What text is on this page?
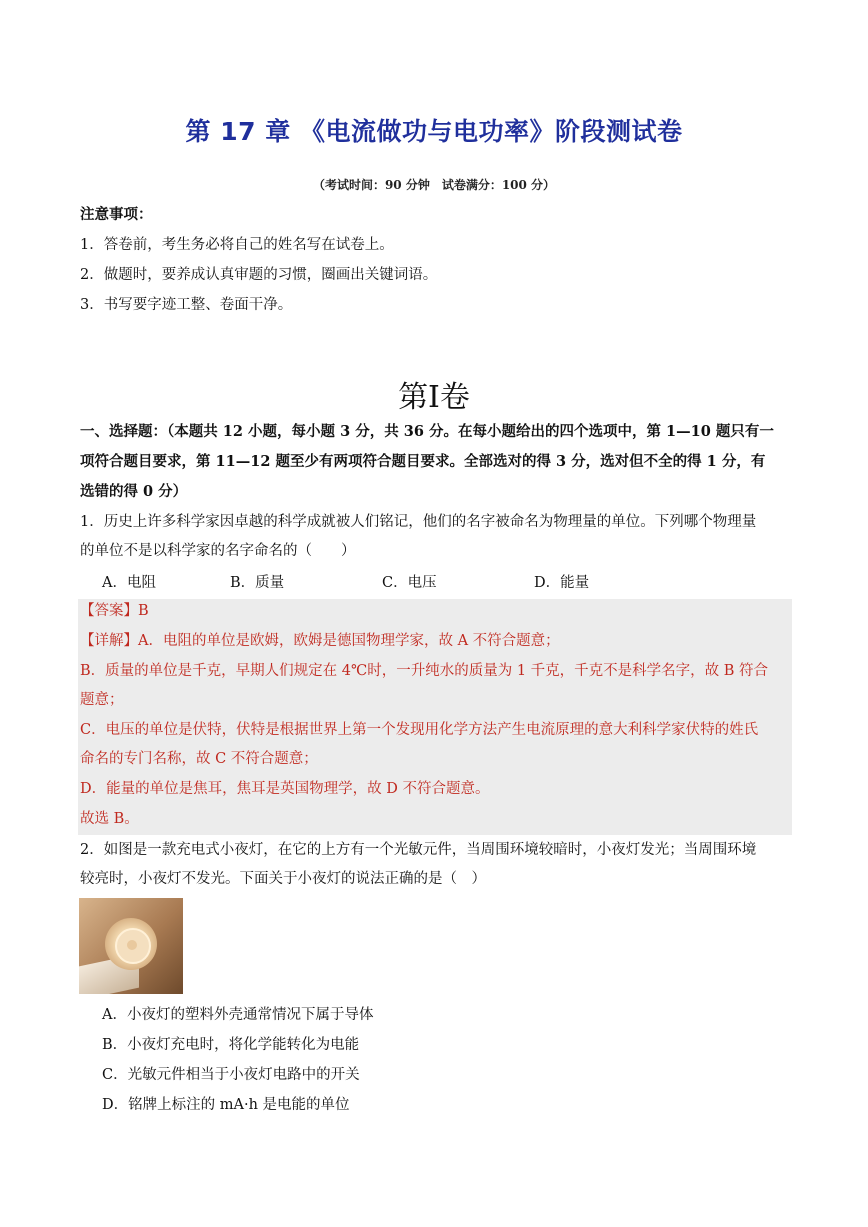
第 17 章 《电流做功与电功率》阶段测试卷
（考试时间：90 分钟　试卷满分：100 分）
注意事项：
1．答卷前，考生务必将自己的姓名写在试卷上。
2．做题时，要养成认真审题的习惯，圈画出关键词语。
3．书写要字迹工整、卷面干净。
第I卷
一、选择题：（本题共 12 小题，每小题 3 分，共 36 分。在每小题给出的四个选项中，第 1—10 题只有一
项符合题目要求，第 11—12 题至少有两项符合题目要求。全部选对的得 3 分，选对但不全的得 1 分，有
选错的得 0 分）
1．历史上许多科学家因卓越的科学成就被人们铭记，他们的名字被命名为物理量的单位。下列哪个物理量
的单位不是以科学家的名字命名的（　　）
A．电阻	B．质量	C．电压	D．能量
【答案】B
【详解】A．电阻的单位是欧姆，欧姆是德国物理学家，故 A 不符合题意；
B．质量的单位是千克，早期人们规定在 4℃时，一升纯水的质量为 1 千克，千克不是科学名字，故 B 符合
题意；
C．电压的单位是伏特，伏特是根据世界上第一个发现用化学方法产生电流原理的意大利科学家伏特的姓氏
命名的专门名称，故 C 不符合题意；
D．能量的单位是焦耳，焦耳是英国物理学，故 D 不符合题意。
故选 B。
2．如图是一款充电式小夜灯，在它的上方有一个光敏元件，当周围环境较暗时，小夜灯发光；当周围环境
较亮时，小夜灯不发光。下面关于小夜灯的说法正确的是（　）
A．小夜灯的塑料外壳通常情况下属于导体
B．小夜灯充电时，将化学能转化为电能
C．光敏元件相当于小夜灯电路中的开关
D．铭牌上标注的 mA·h 是电能的单位
